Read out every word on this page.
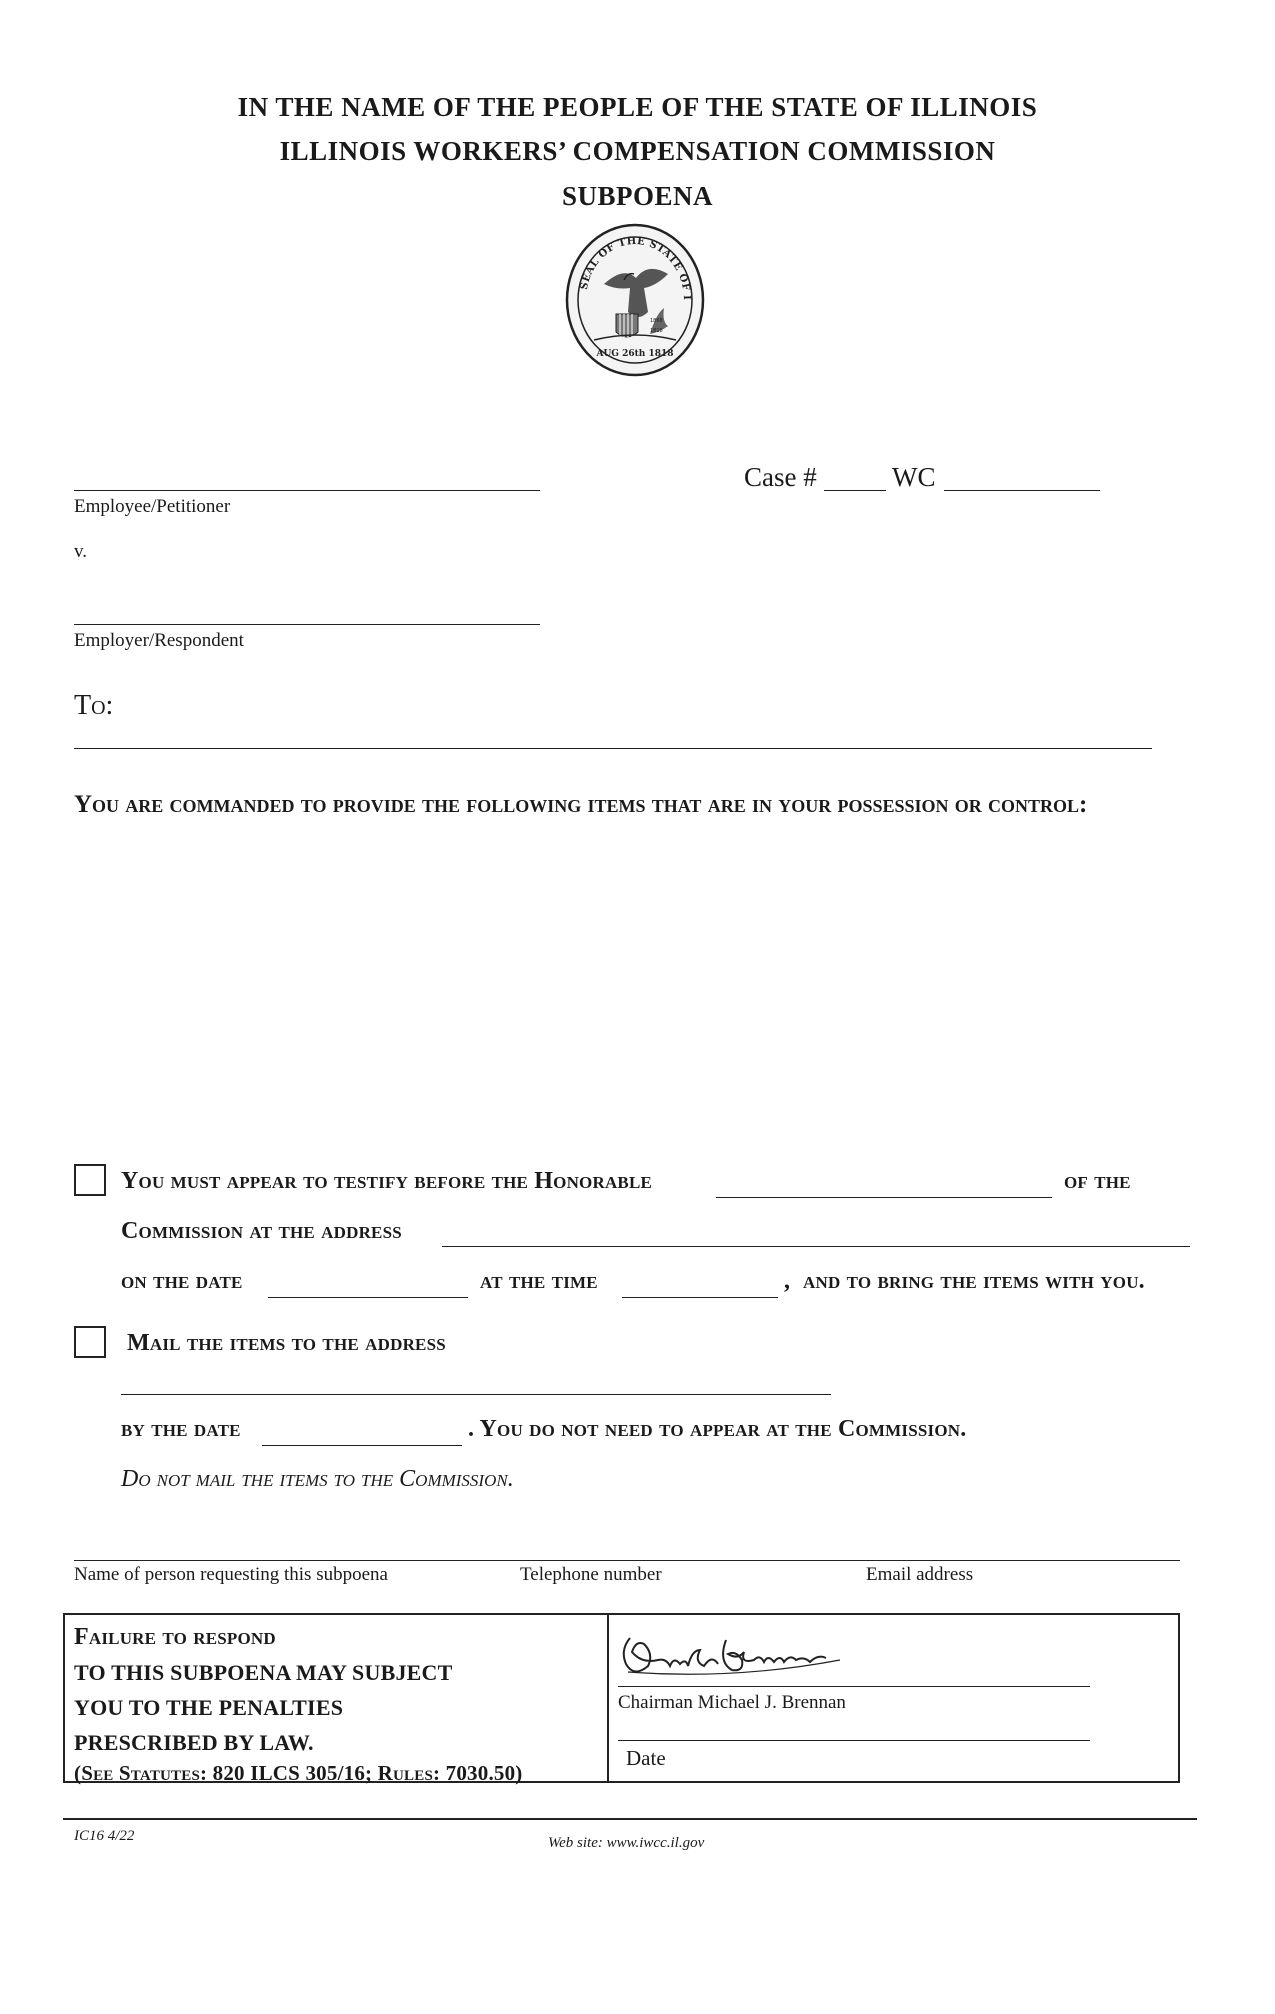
IN THE NAME OF THE PEOPLE OF THE STATE OF ILLINOIS
ILLINOIS WORKERS’ COMPENSATION COMMISSION
SUBPOENA
SEAL OF THE STATE OF I
1868
1818
AUG 26th 1818
Employee/Petitioner
v.
Employer/Respondent
Case #	WC
To:
You are commanded to provide the following items that are in your possession or control:
You must appear to testify before the Honorable	of the
Commission at the address
on the date	at the time	, and to bring the items with you.
Mail the items to the address
by the date	. You do not need to appear at the Commission.
Do not mail the items to the Commission.
Name of person requesting this subpoena	Telephone number	Email address
Failure to respond
TO THIS SUBPOENA MAY SUBJECT
YOU TO THE PENALTIES
PRESCRIBED BY LAW.
(See Statutes: 820 ILCS 305/16; Rules: 7030.50)
Chairman Michael J. Brennan
Date
IC16 4/22	Web site: www.iwcc.il.gov
